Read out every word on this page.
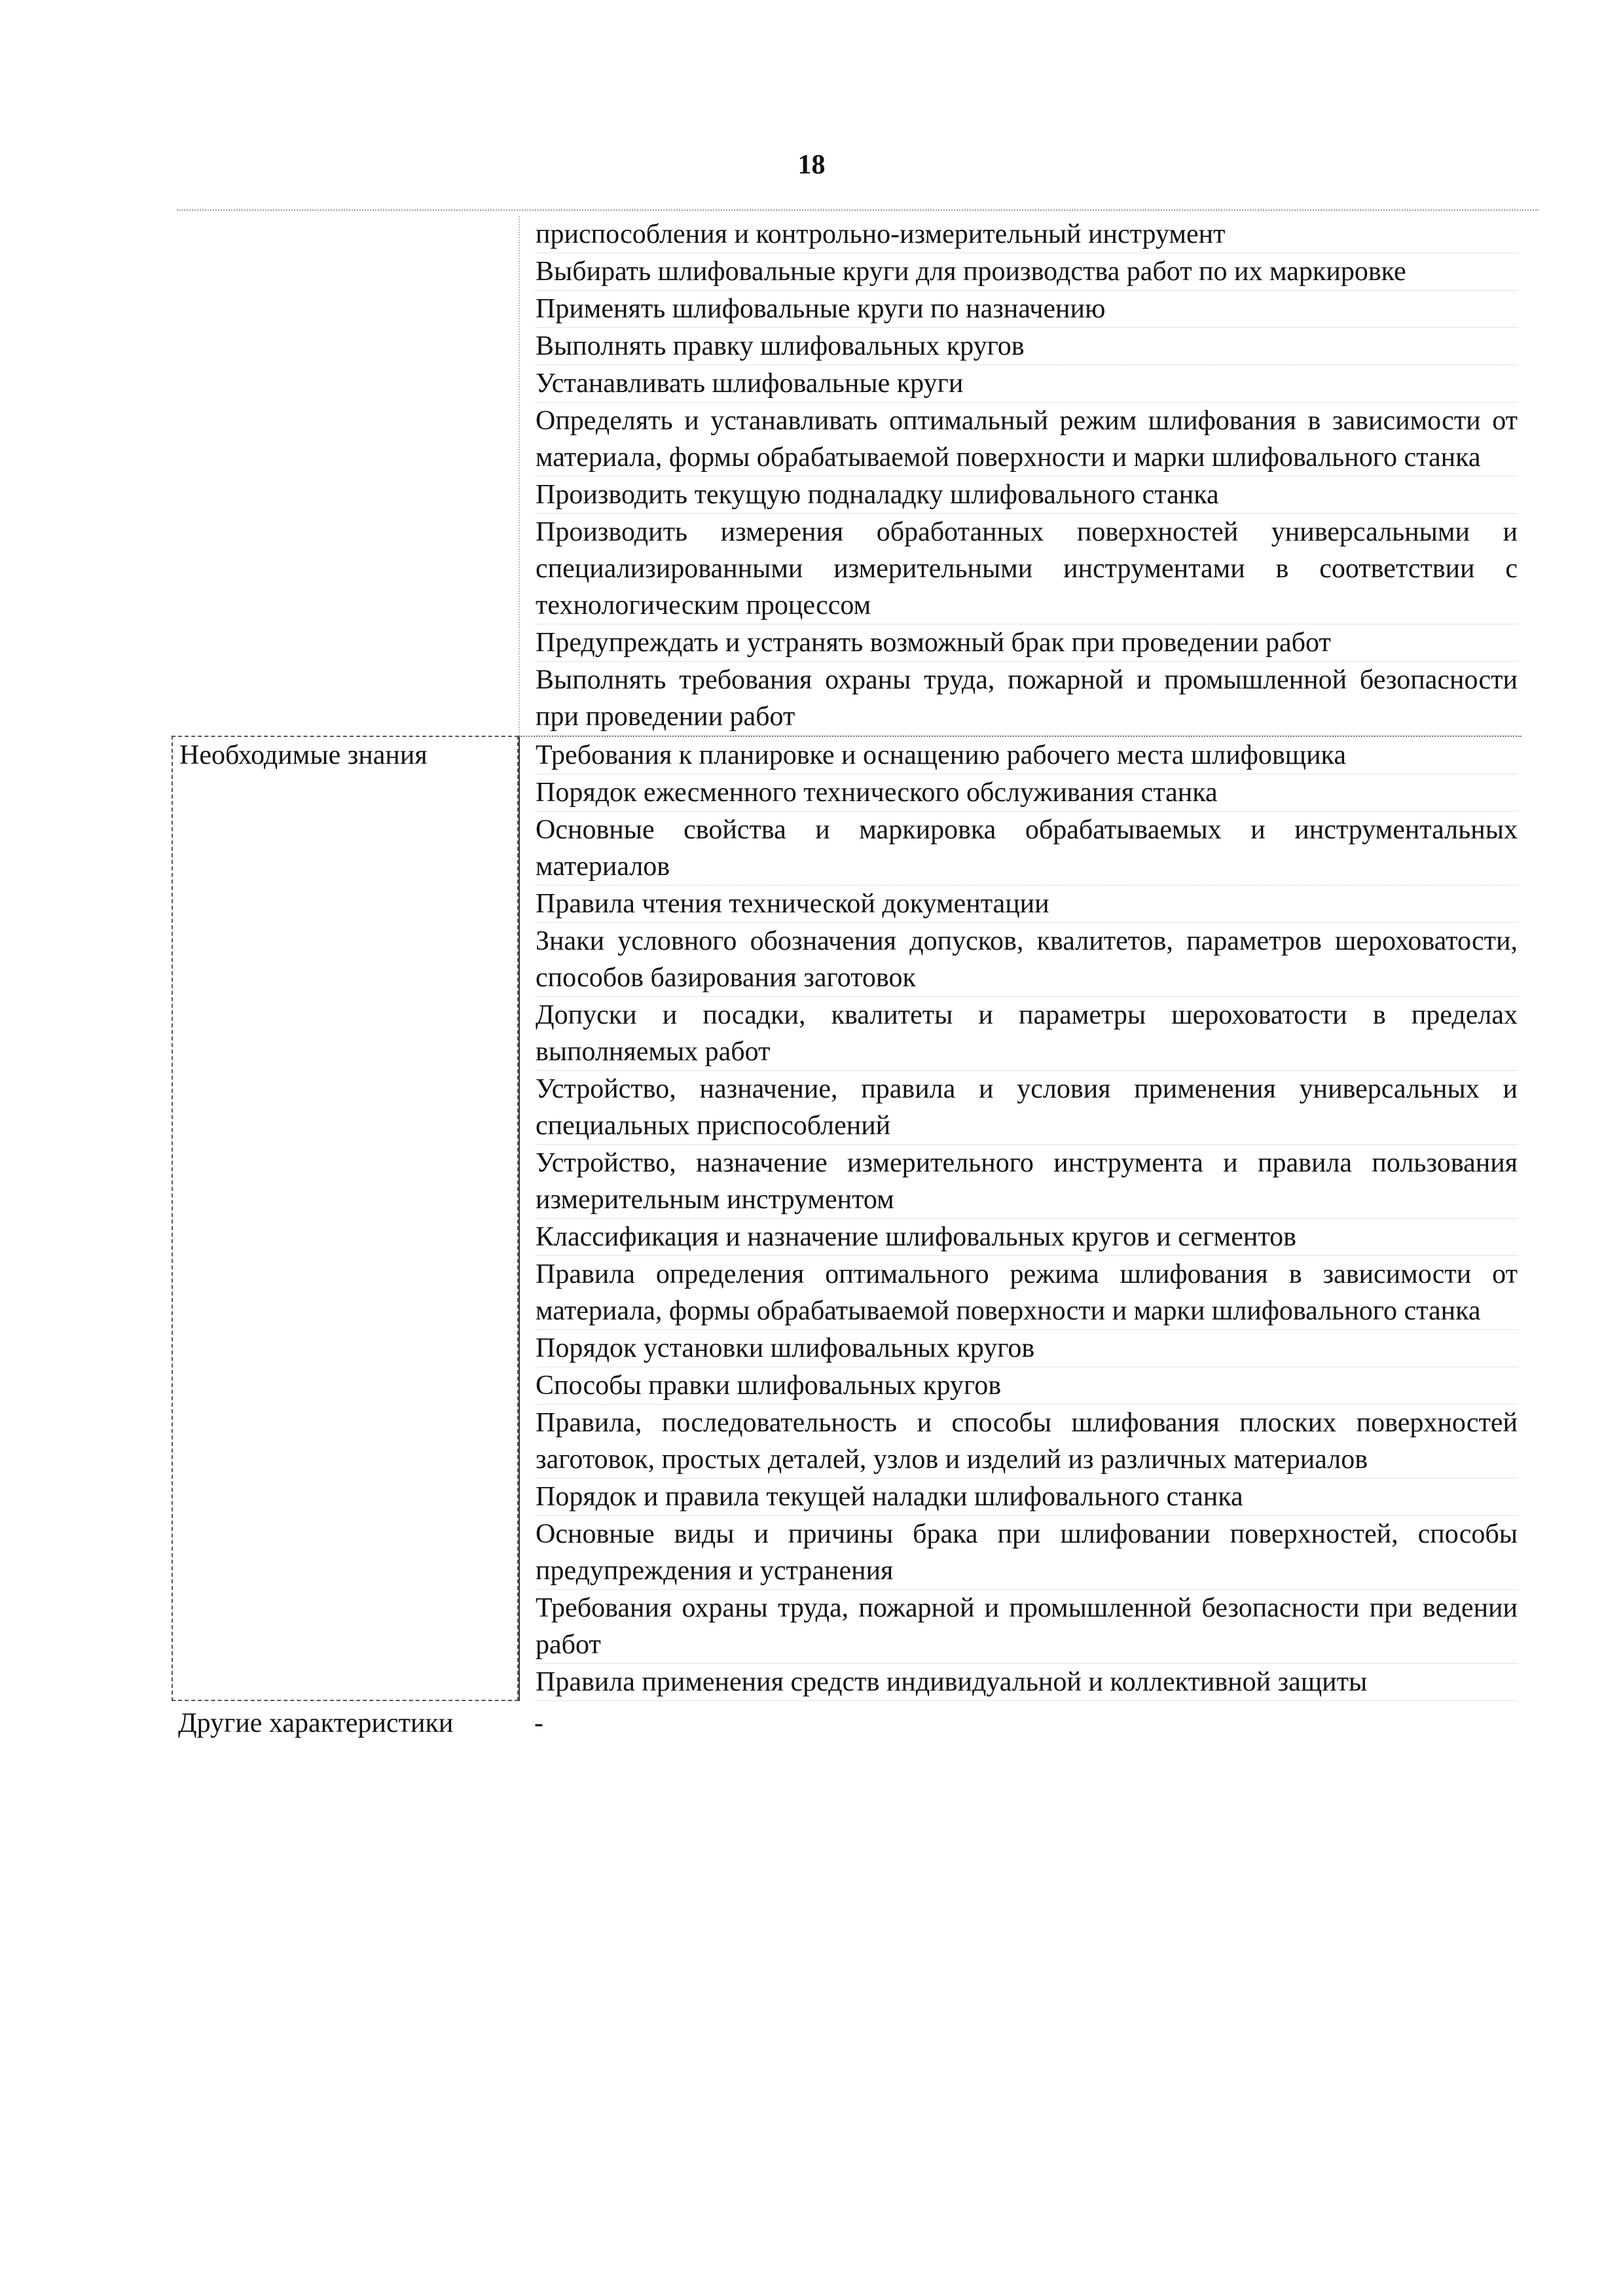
18
приспособления и контрольно-измерительный инструмент
Выбирать шлифовальные круги для производства работ по их маркировке
Применять шлифовальные круги по назначению
Выполнять правку шлифовальных кругов
Устанавливать шлифовальные круги
Определять и устанавливать оптимальный режим шлифования в зависимости от материала, формы обрабатываемой поверхности и марки шлифовального станка
Производить текущую подналадку шлифовального станка
Производить измерения обработанных поверхностей универсальными и специализированными измерительными инструментами в соответствии с технологическим процессом
Предупреждать и устранять возможный брак при проведении работ
Выполнять требования охраны труда, пожарной и промышленной безопасности при проведении работ
Необходимые знания	Требования к планировке и оснащению рабочего места шлифовщика
Порядок ежесменного технического обслуживания станка
Основные свойства и маркировка обрабатываемых и инструментальных материалов
Правила чтения технической документации
Знаки условного обозначения допусков, квалитетов, параметров шероховатости, способов базирования заготовок
Допуски и посадки, квалитеты и параметры шероховатости в пределах выполняемых работ
Устройство, назначение, правила и условия применения универсальных и специальных приспособлений
Устройство, назначение измерительного инструмента и правила пользования измерительным инструментом
Классификация и назначение шлифовальных кругов и сегментов
Правила определения оптимального режима шлифования в зависимости от материала, формы обрабатываемой поверхности и марки шлифовального станка
Порядок установки шлифовальных кругов
Способы правки шлифовальных кругов
Правила, последовательность и способы шлифования плоских поверхностей заготовок, простых деталей, узлов и изделий из различных материалов
Порядок и правила текущей наладки шлифовального станка
Основные виды и причины брака при шлифовании поверхностей, способы предупреждения и устранения
Требования охраны труда, пожарной и промышленной безопасности при ведении работ
Правила применения средств индивидуальной и коллективной защиты
Другие характеристики	-
